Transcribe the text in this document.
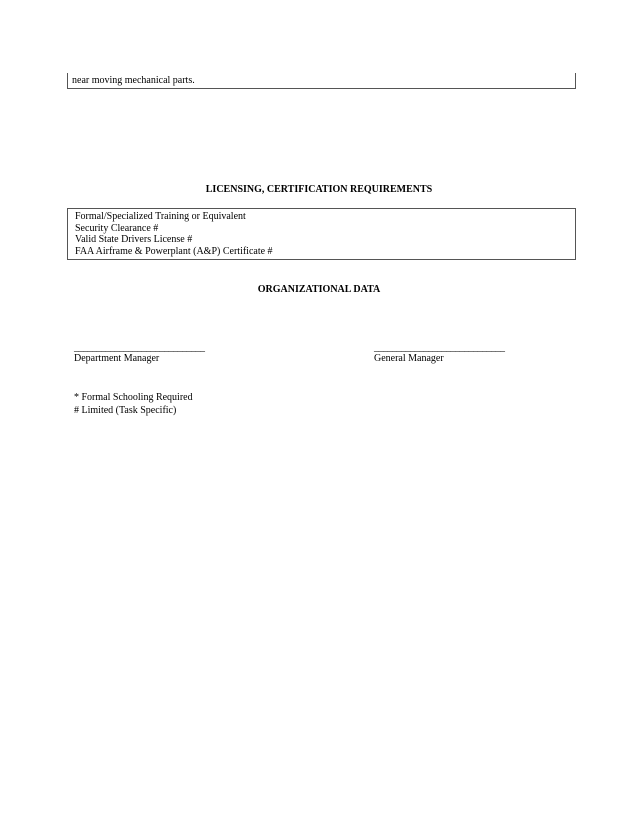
near moving mechanical parts.
LICENSING, CERTIFICATION REQUIREMENTS
Formal/Specialized Training or Equivalent
Security Clearance #
Valid State Drivers License #
FAA Airframe & Powerplant (A&P) Certificate #
ORGANIZATIONAL DATA
_____________________________
Department Manager
_____________________________
General Manager
* Formal Schooling Required
# Limited (Task Specific)
